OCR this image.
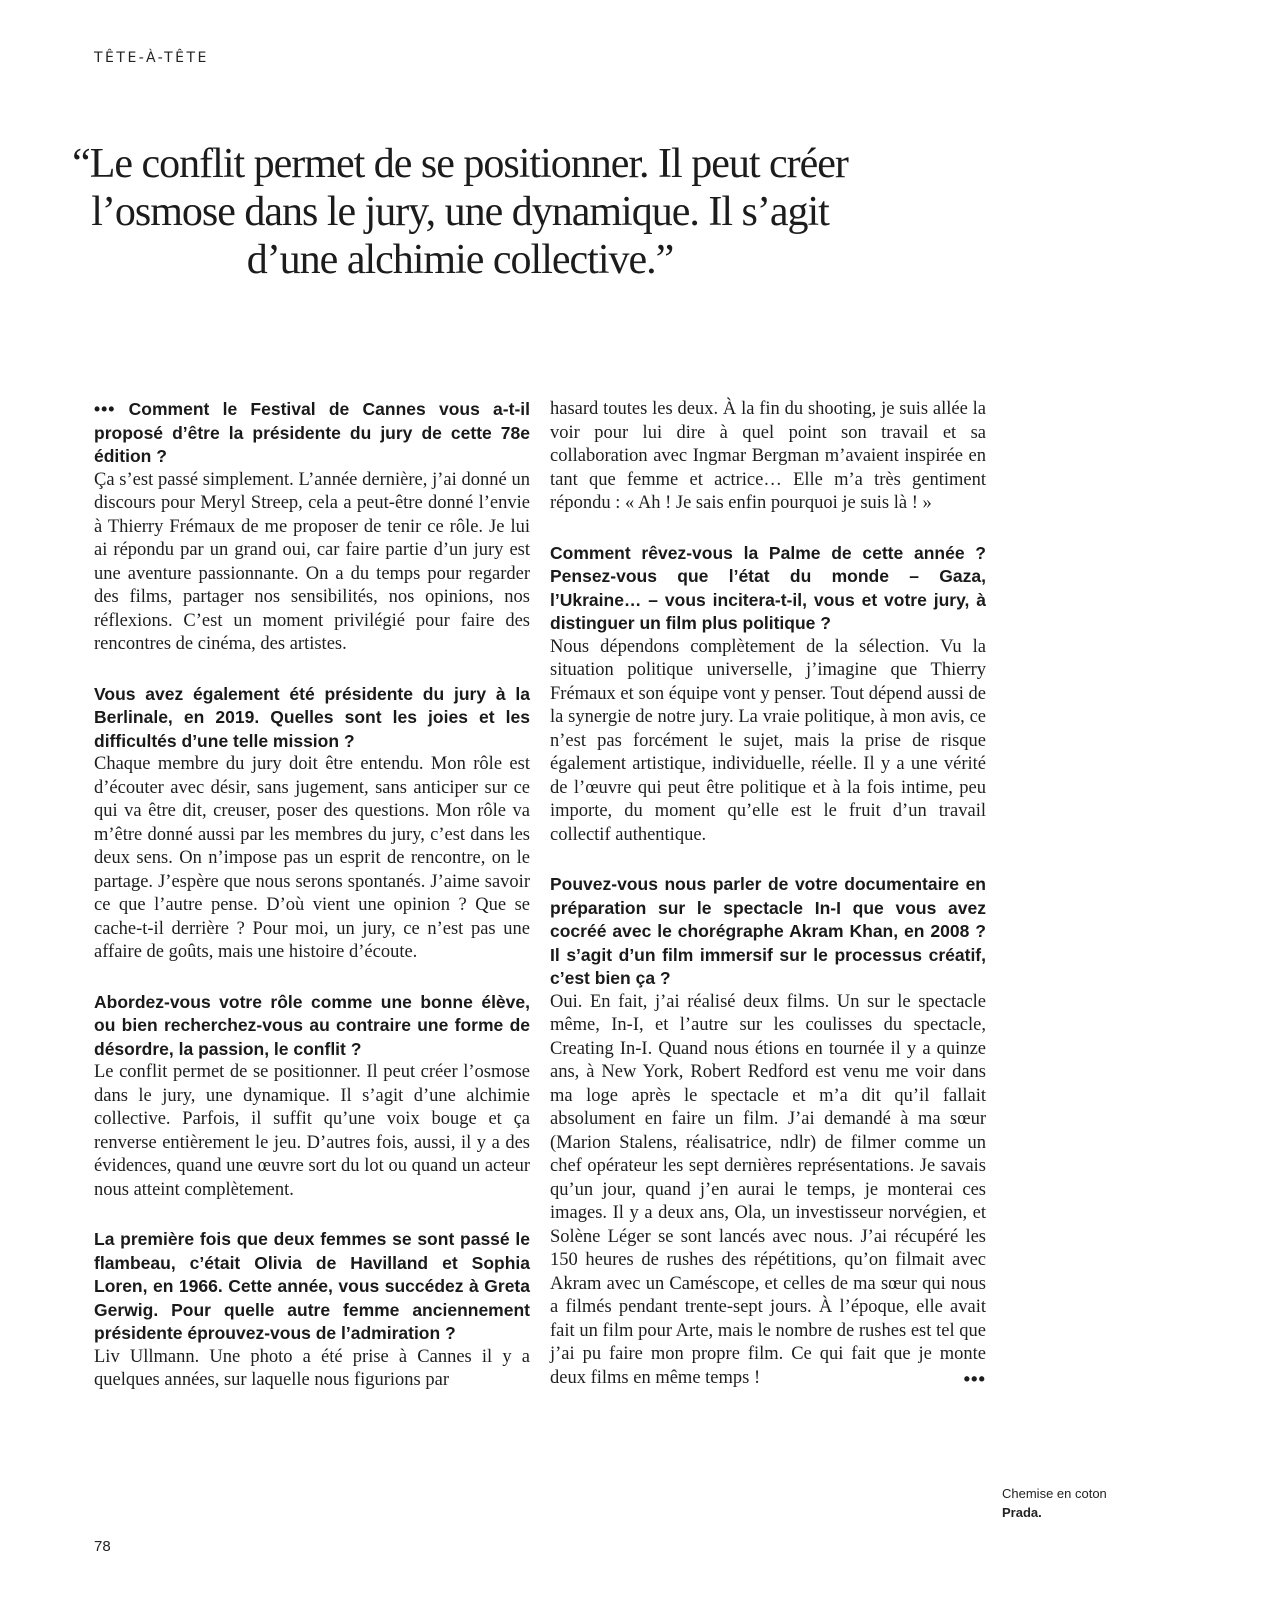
TÊTE-À-TÊTE

“Le conflit permet de se positionner. Il peut créer l’osmose dans le jury, une dynamique. Il s’agit d’une alchimie collective.”

••• Comment le Festival de Cannes vous a-t-il proposé d’être la présidente du jury de cette 78e édition ?

Ça s’est passé simplement. L’année dernière, j’ai donné un discours pour Meryl Streep, cela a peut-être donné l’envie à Thierry Frémaux de me proposer de tenir ce rôle. Je lui ai répondu par un grand oui, car faire partie d’un jury est une aventure passionnante. On a du temps pour regarder des films, partager nos sensibilités, nos opinions, nos réflexions. C’est un moment privilégié pour faire des rencontres de cinéma, des artistes.

Vous avez également été présidente du jury à la Berlinale, en 2019. Quelles sont les joies et les difficultés d’une telle mission ?

Chaque membre du jury doit être entendu. Mon rôle est d’écouter avec désir, sans jugement, sans anticiper sur ce qui va être dit, creuser, poser des questions. Mon rôle va m’être donné aussi par les membres du jury, c’est dans les deux sens. On n’impose pas un esprit de rencontre, on le partage. J’espère que nous serons spontanés. J’aime savoir ce que l’autre pense. D’où vient une opinion ? Que se cache-t-il derrière ? Pour moi, un jury, ce n’est pas une affaire de goûts, mais une histoire d’écoute.

Abordez-vous votre rôle comme une bonne élève, ou bien recherchez-vous au contraire une forme de désordre, la passion, le conflit ?

Le conflit permet de se positionner. Il peut créer l’osmose dans le jury, une dynamique. Il s’agit d’une alchimie collective. Parfois, il suffit qu’une voix bouge et ça renverse entièrement le jeu. D’autres fois, aussi, il y a des évidences, quand une œuvre sort du lot ou quand un acteur nous atteint complètement.

La première fois que deux femmes se sont passé le flambeau, c’était Olivia de Havilland et Sophia Loren, en 1966. Cette année, vous succédez à Greta Gerwig. Pour quelle autre femme anciennement présidente éprouvez-vous de l’admiration ?

Liv Ullmann. Une photo a été prise à Cannes il y a quelques années, sur laquelle nous figurions par

hasard toutes les deux. À la fin du shooting, je suis allée la voir pour lui dire à quel point son travail et sa collaboration avec Ingmar Bergman m’avaient inspirée en tant que femme et actrice… Elle m’a très gentiment répondu : « Ah ! Je sais enfin pourquoi je suis là ! »

Comment rêvez-vous la Palme de cette année ? Pensez-vous que l’état du monde – Gaza, l’Ukraine… – vous incitera-t-il, vous et votre jury, à distinguer un film plus politique ?

Nous dépendons complètement de la sélection. Vu la situation politique universelle, j’imagine que Thierry Frémaux et son équipe vont y penser. Tout dépend aussi de la synergie de notre jury. La vraie politique, à mon avis, ce n’est pas forcément le sujet, mais la prise de risque également artistique, individuelle, réelle. Il y a une vérité de l’œuvre qui peut être politique et à la fois intime, peu importe, du moment qu’elle est le fruit d’un travail collectif authentique.

Pouvez-vous nous parler de votre documentaire en préparation sur le spectacle In-I que vous avez cocréé avec le chorégraphe Akram Khan, en 2008 ? Il s’agit d’un film immersif sur le processus créatif, c’est bien ça ?

Oui. En fait, j’ai réalisé deux films. Un sur le spectacle même, In-I, et l’autre sur les coulisses du spectacle, Creating In-I. Quand nous étions en tournée il y a quinze ans, à New York, Robert Redford est venu me voir dans ma loge après le spectacle et m’a dit qu’il fallait absolument en faire un film. J’ai demandé à ma sœur (Marion Stalens, réalisatrice, ndlr) de filmer comme un chef opérateur les sept dernières représentations. Je savais qu’un jour, quand j’en aurai le temps, je monterai ces images. Il y a deux ans, Ola, un investisseur norvégien, et Solène Léger se sont lancés avec nous. J’ai récupéré les 150 heures de rushes des répétitions, qu’on filmait avec Akram avec un Caméscope, et celles de ma sœur qui nous a filmés pendant trente-sept jours. À l’époque, elle avait fait un film pour Arte, mais le nombre de rushes est tel que j’ai pu faire mon propre film. Ce qui fait que je monte deux films en même temps !	•••

Chemise en coton
Prada.
78
